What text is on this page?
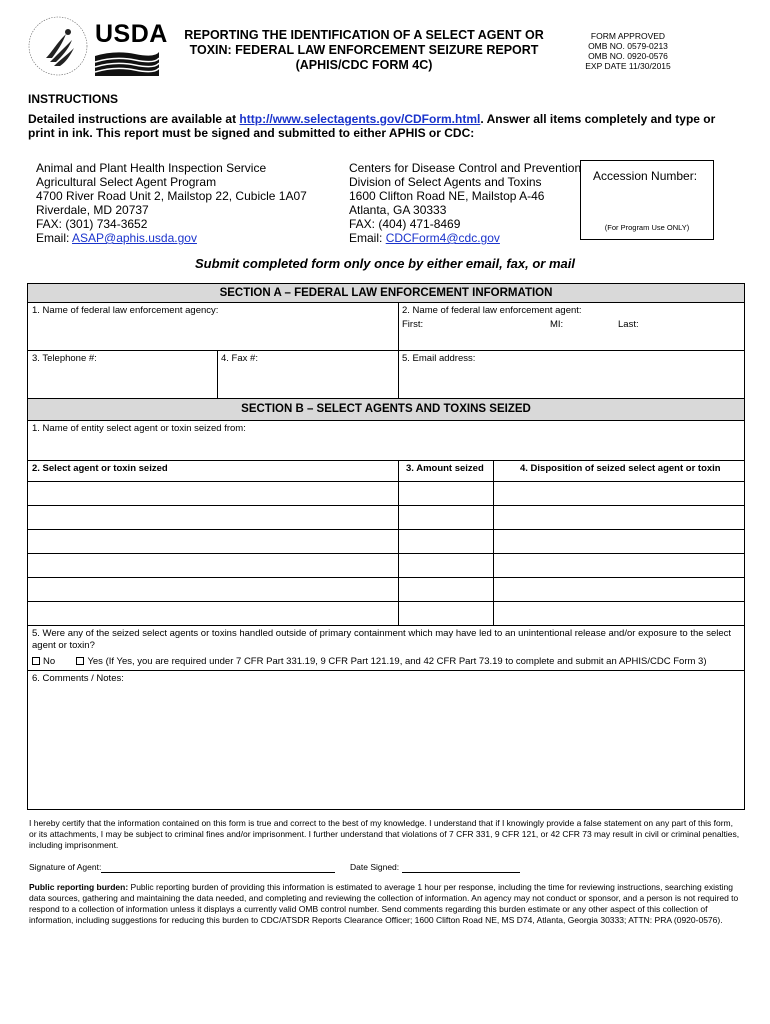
USDA	REPORTING THE IDENTIFICATION OF A SELECT AGENT OR
TOXIN: FEDERAL LAW ENFORCEMENT SEIZURE REPORT
(APHIS/CDC FORM 4C)
FORM APPROVED
OMB NO. 0579-0213
OMB NO. 0920-0576
EXP DATE 11/30/2015
INSTRUCTIONS
Detailed instructions are available at http://www.selectagents.gov/CDForm.html. Answer all items completely and type or print in ink. This report must be signed and submitted to either APHIS or CDC:
Animal and Plant Health Inspection Service
Agricultural Select Agent Program
4700 River Road Unit 2, Mailstop 22, Cubicle 1A07
Riverdale, MD 20737
FAX: (301) 734-3652
Email: ASAP@aphis.usda.gov
Centers for Disease Control and Prevention
Division of Select Agents and Toxins
1600 Clifton Road NE, Mailstop A-46
Atlanta, GA 30333
FAX: (404) 471-8469
Email: CDCForm4@cdc.gov
Accession Number:
(For Program Use ONLY)
Submit completed form only once by either email, fax, or mail
SECTION A – FEDERAL LAW ENFORCEMENT INFORMATION
1. Name of federal law enforcement agency:	2. Name of federal law enforcement agent:
First:	MI:	Last:
3. Telephone #:	4. Fax #:	5. Email address:
SECTION B – SELECT AGENTS AND TOXINS SEIZED
1. Name of entity select agent or toxin seized from:
2. Select agent or toxin seized	3. Amount seized	4. Disposition of seized select agent or toxin
5. Were any of the seized select agents or toxins handled outside of primary containment which may have led to an unintentional release and/or exposure to the select
agent or toxin?
No	Yes (If Yes, you are required under 7 CFR Part 331.19, 9 CFR Part 121.19, and 42 CFR Part 73.19 to complete and submit an APHIS/CDC Form 3)
6. Comments / Notes:
I hereby certify that the information contained on this form is true and correct to the best of my knowledge. I understand that if I knowingly provide a false statement on any part of this form, or its attachments, I may be subject to criminal fines and/or imprisonment. I further understand that violations of 7 CFR 331, 9 CFR 121, or 42 CFR 73 may result in civil or criminal penalties, including imprisonment.
Signature of Agent:	Date Signed:
Public reporting burden: Public reporting burden of providing this information is estimated to average 1 hour per response, including the time for reviewing instructions, searching existing data sources, gathering and maintaining the data needed, and completing and reviewing the collection of information. An agency may not conduct or sponsor, and a person is not required to respond to a collection of information unless it displays a currently valid OMB control number. Send comments regarding this burden estimate or any other aspect of this collection of information, including suggestions for reducing this burden to CDC/ATSDR Reports Clearance Officer; 1600 Clifton Road NE, MS D74, Atlanta, Georgia 30333; ATTN: PRA (0920-0576).
